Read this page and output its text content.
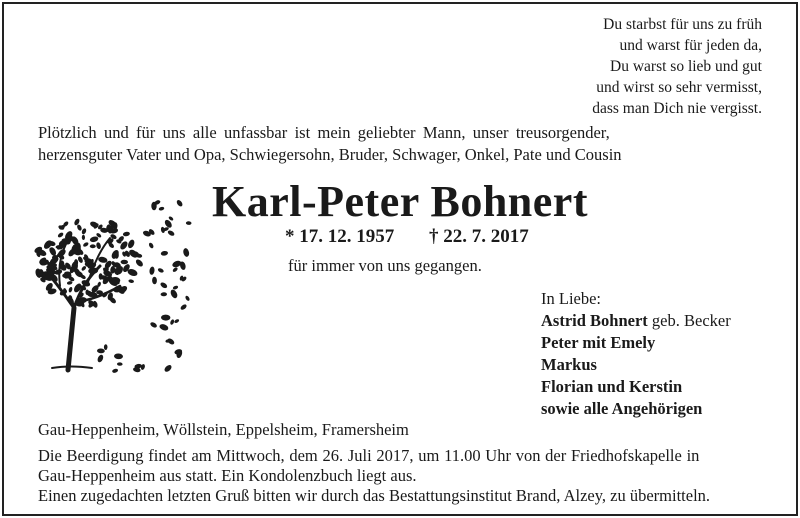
Du starbst für uns zu früh
und warst für jeden da,
Du warst so lieb und gut
und wirst so sehr vermisst,
dass man Dich nie vergisst.
Plötzlich und für uns alle unfassbar ist mein geliebter Mann, unser treusorgender,
herzensguter Vater und Opa, Schwiegersohn, Bruder, Schwager, Onkel, Pate und Cousin
Karl-Peter Bohnert
* 17. 12. 1957 † 22. 7. 2017
für immer von uns gegangen.
In Liebe:
Astrid Bohnert geb. Becker
Peter mit Emely
Markus
Florian und Kerstin
sowie alle Angehörigen
Gau-Heppenheim, Wöllstein, Eppelsheim, Framersheim
Die Beerdigung findet am Mittwoch, dem 26. Juli 2017, um 11.00 Uhr von der Friedhofskapelle in
Gau-Heppenheim aus statt. Ein Kondolenzbuch liegt aus.
Einen zugedachten letzten Gruß bitten wir durch das Bestattungsinstitut Brand, Alzey, zu übermitteln.
